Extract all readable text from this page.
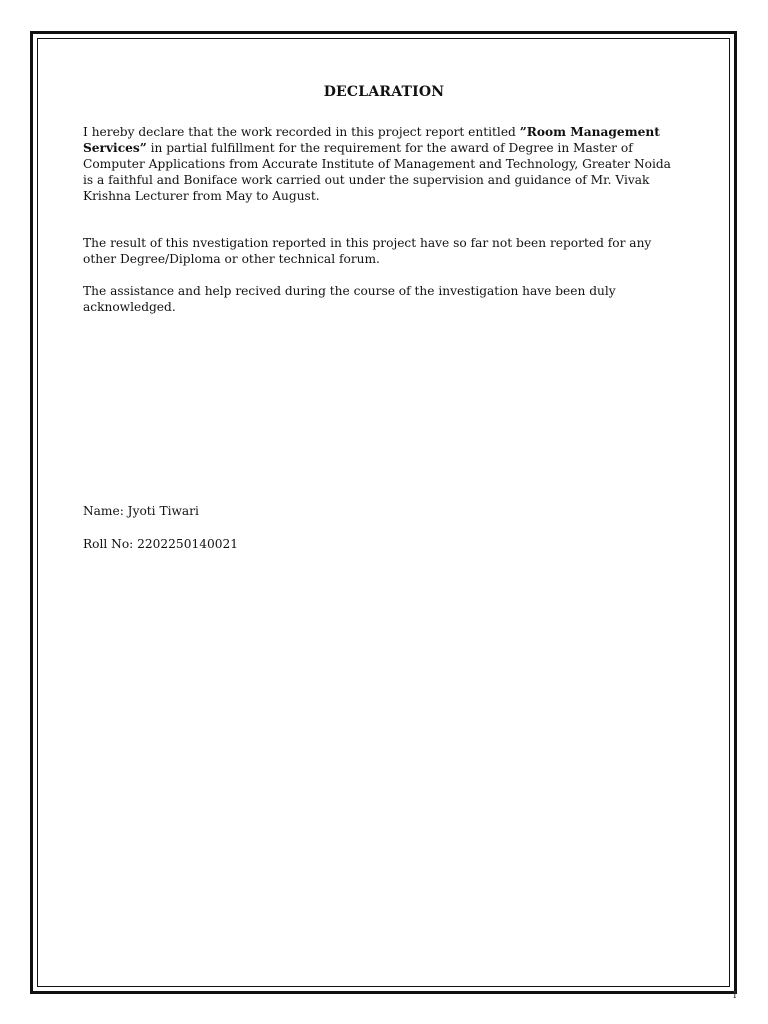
DECLARATION

I hereby declare that the work recorded in this project report entitled ”Room Management Services” in partial fulfillment for the requirement for the award of Degree in Master of Computer Applications from Accurate Institute of Management and Technology, Greater Noida is a faithful and Boniface work carried out under the supervision and guidance of Mr. Vivak Krishna Lecturer from May to August.

The result of this nvestigation reported in this project have so far not been reported for any other Degree/Diploma or other technical forum.

The assistance and help recived during the course of the investigation have been duly acknowledged.

Name: Jyoti Tiwari
Roll No: 2202250140021
I
